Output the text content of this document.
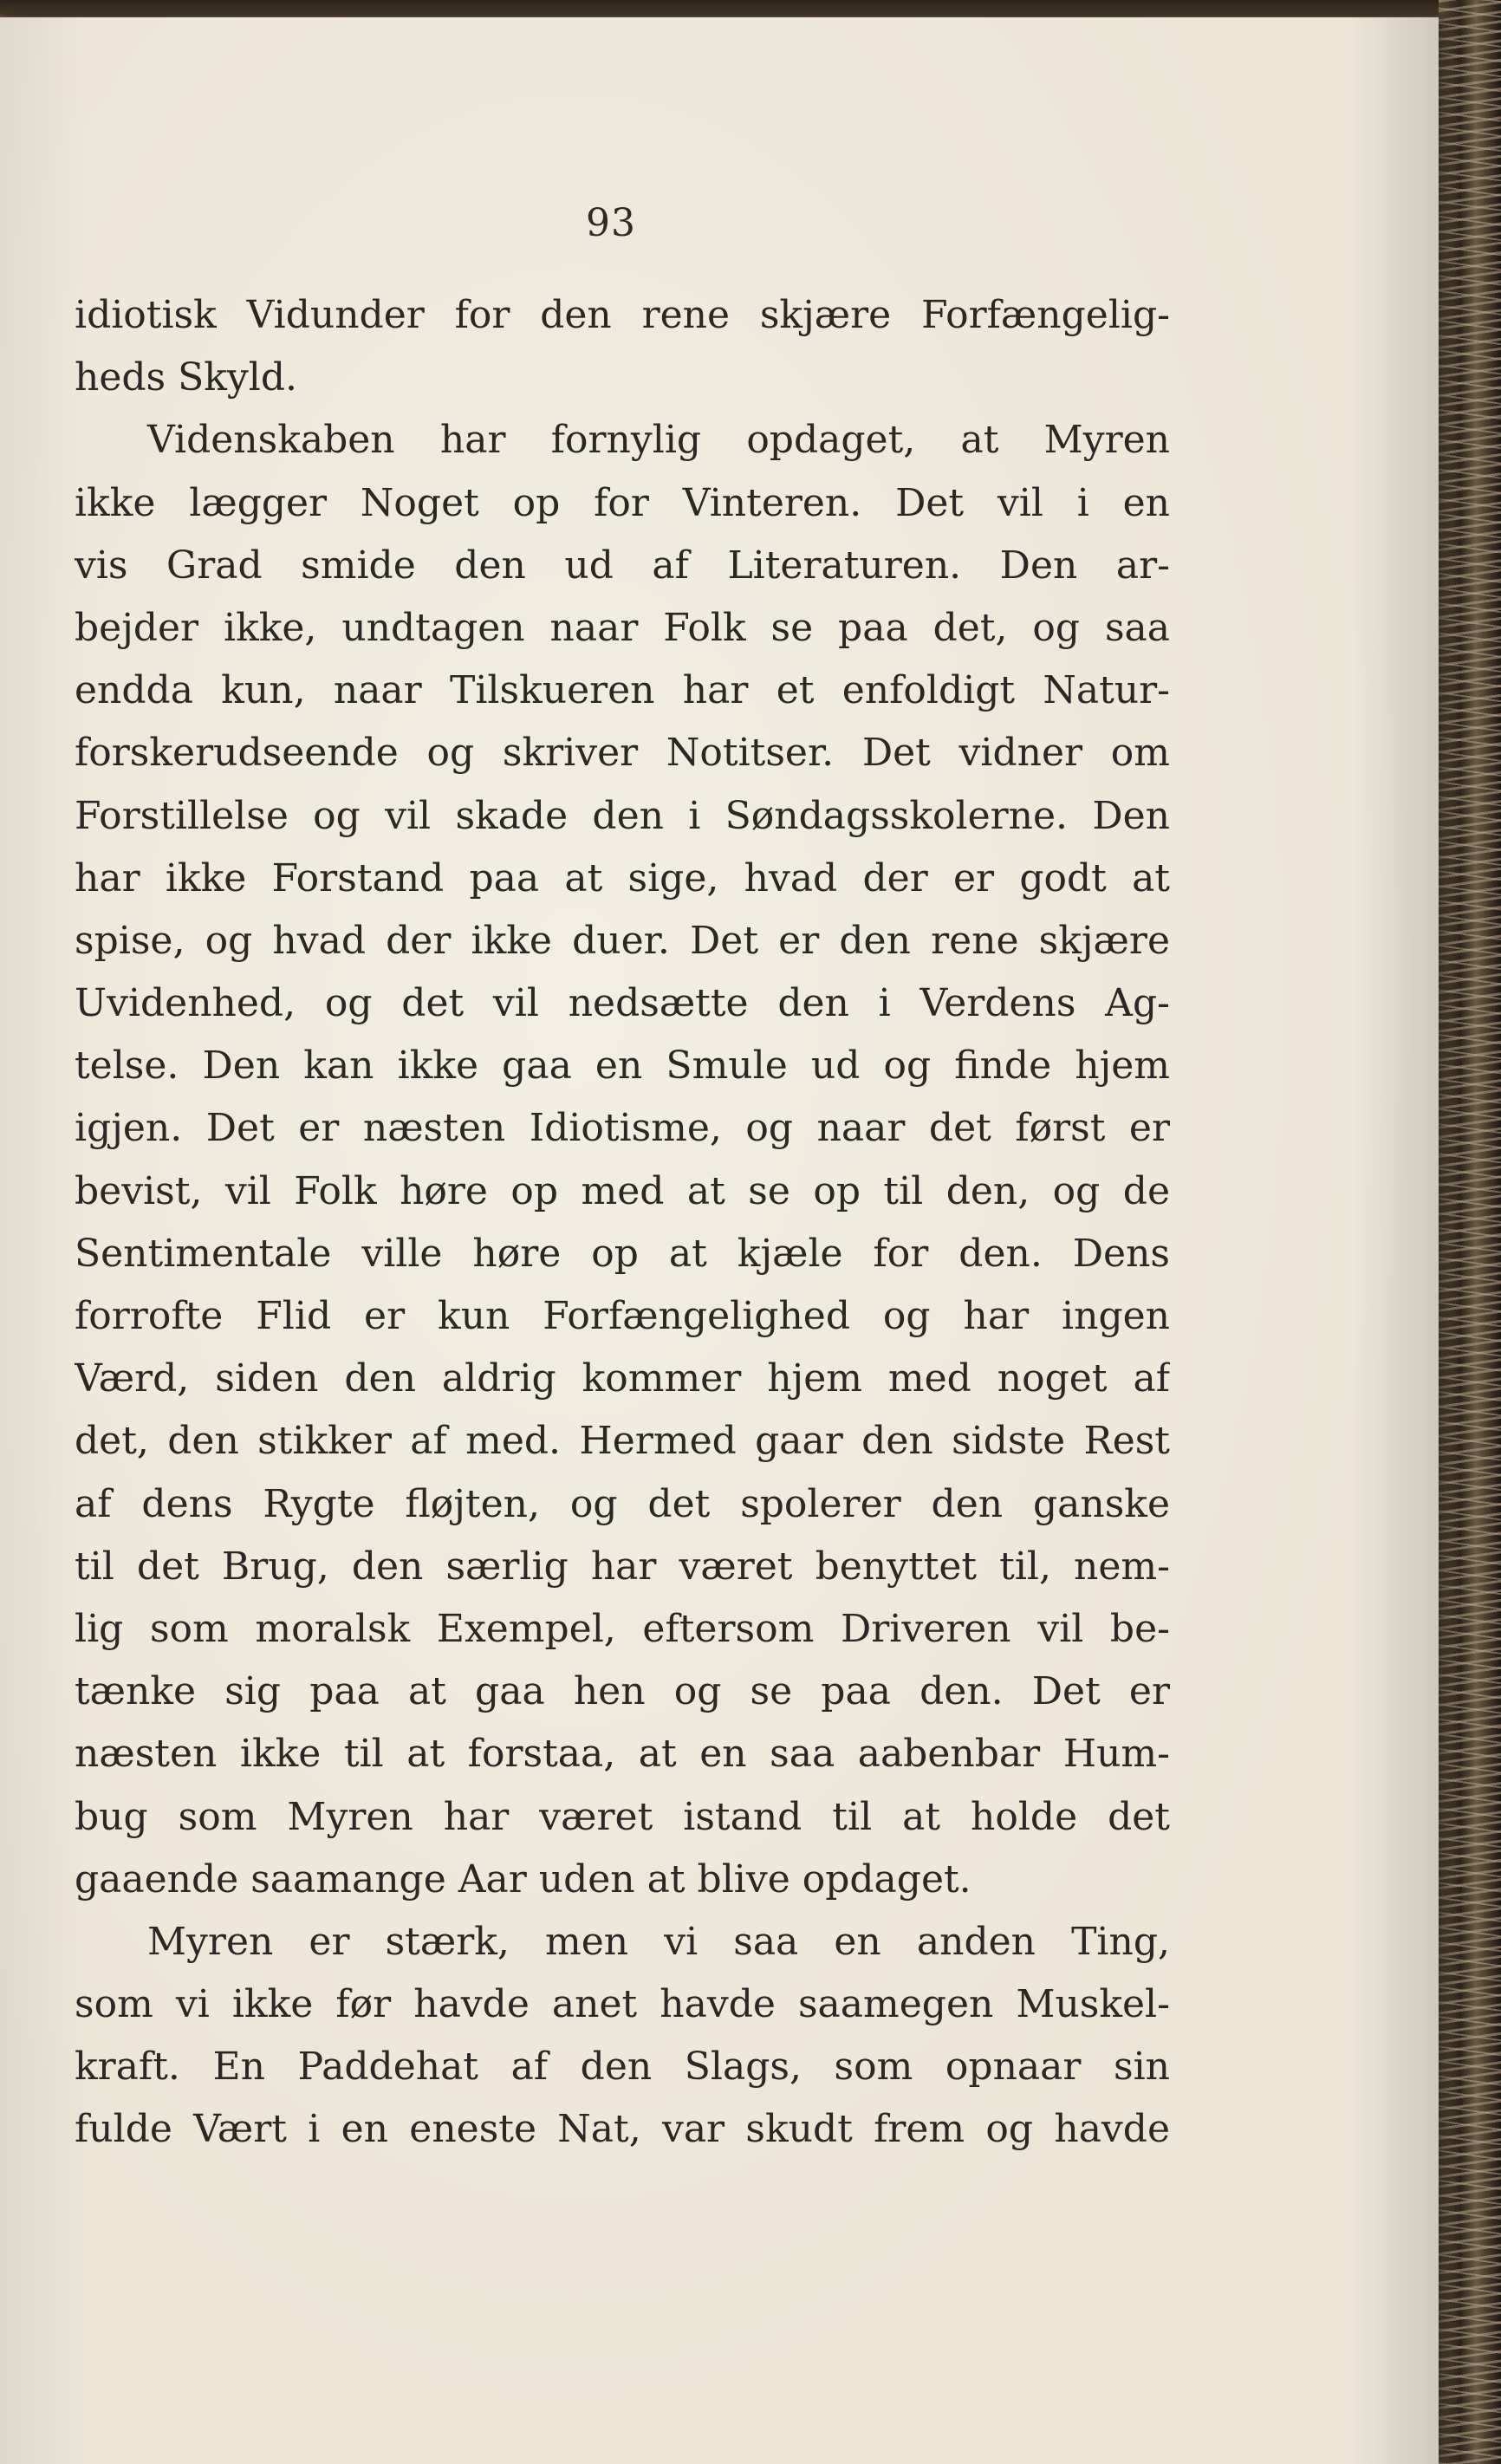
93
idiotisk Vidunder for den rene skjære Forfængelig-
heds Skyld.
Videnskaben har fornylig opdaget, at Myren
ikke lægger Noget op for Vinteren. Det vil i en
vis Grad smide den ud af Literaturen. Den ar-
bejder ikke, undtagen naar Folk se paa det, og saa
endda kun, naar Tilskueren har et enfoldigt Natur-
forskerudseende og skriver Notitser. Det vidner om
Forstillelse og vil skade den i Søndagsskolerne. Den
har ikke Forstand paa at sige, hvad der er godt at
spise, og hvad der ikke duer. Det er den rene skjære
Uvidenhed, og det vil nedsætte den i Verdens Ag-
telse. Den kan ikke gaa en Smule ud og finde hjem
igjen. Det er næsten Idiotisme, og naar det først er
bevist, vil Folk høre op med at se op til den, og de
Sentimentale ville høre op at kjæle for den. Dens
forrofte Flid er kun Forfængelighed og har ingen
Værd, siden den aldrig kommer hjem med noget af
det, den stikker af med. Hermed gaar den sidste Rest
af dens Rygte fløjten, og det spolerer den ganske
til det Brug, den særlig har været benyttet til, nem-
lig som moralsk Exempel, eftersom Driveren vil be-
tænke sig paa at gaa hen og se paa den. Det er
næsten ikke til at forstaa, at en saa aabenbar Hum-
bug som Myren har været istand til at holde det
gaaende saamange Aar uden at blive opdaget.
Myren er stærk, men vi saa en anden Ting,
som vi ikke før havde anet havde saamegen Muskel-
kraft. En Paddehat af den Slags, som opnaar sin
fulde Vært i en eneste Nat, var skudt frem og havde
